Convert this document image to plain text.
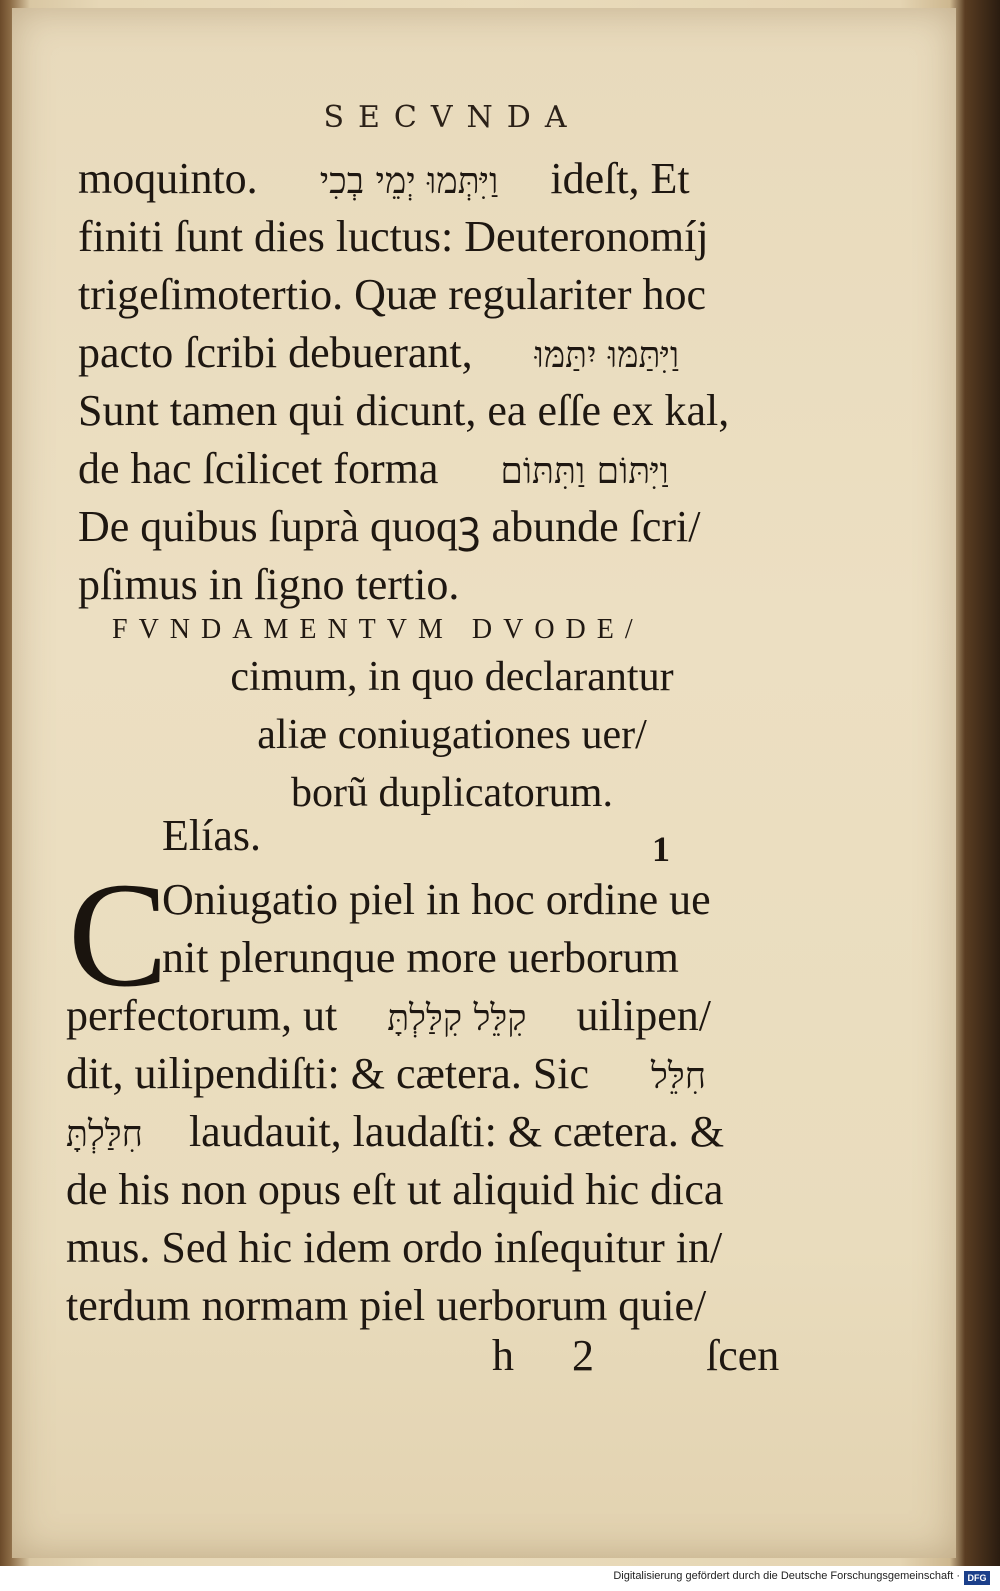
SECVNDA
moquinto. וַיִּתְּמוּ יְמֵי בְכִי ideſt, Et
finiti ſunt dies luctus: Deuteronomíj
trigeſimotertio. Quæ regulariter hoc
pacto ſcribi debuerant, וַיִּתַּמּוּ יִתַּמּוּ
Sunt tamen qui dicunt, ea eſſe ex kal,
de hac ſcilicet forma וַיִּתּוֹם וַתִּתּוֹם
De quibus ſuprà quoqꝫ abunde ſcri/
pſimus in ſigno tertio.
FVNDAMENTVM DVODE/
cimum, in quo declarantur
aliæ coniugationes uer/
borũ duplicatorum.
Elías.	1
C
Oniugatio piel in hoc ordine ue
nit plerunque more uerborum
perfectorum, ut קִלֵּל קִלַּלְתָּ uilipen/
dit, uilipendiſti: & cætera. Sic חִלֵּל
חִלַּלְתָּ laudauit, laudaſti: & cætera. &
de his non opus eſt ut aliquid hic dica
mus. Sed hic idem ordo inſequitur in/
terdum normam piel uerborum quie/
h 2	ſcen
Digitalisierung gefördert durch die Deutsche Forschungsgemeinschaft · DFG
